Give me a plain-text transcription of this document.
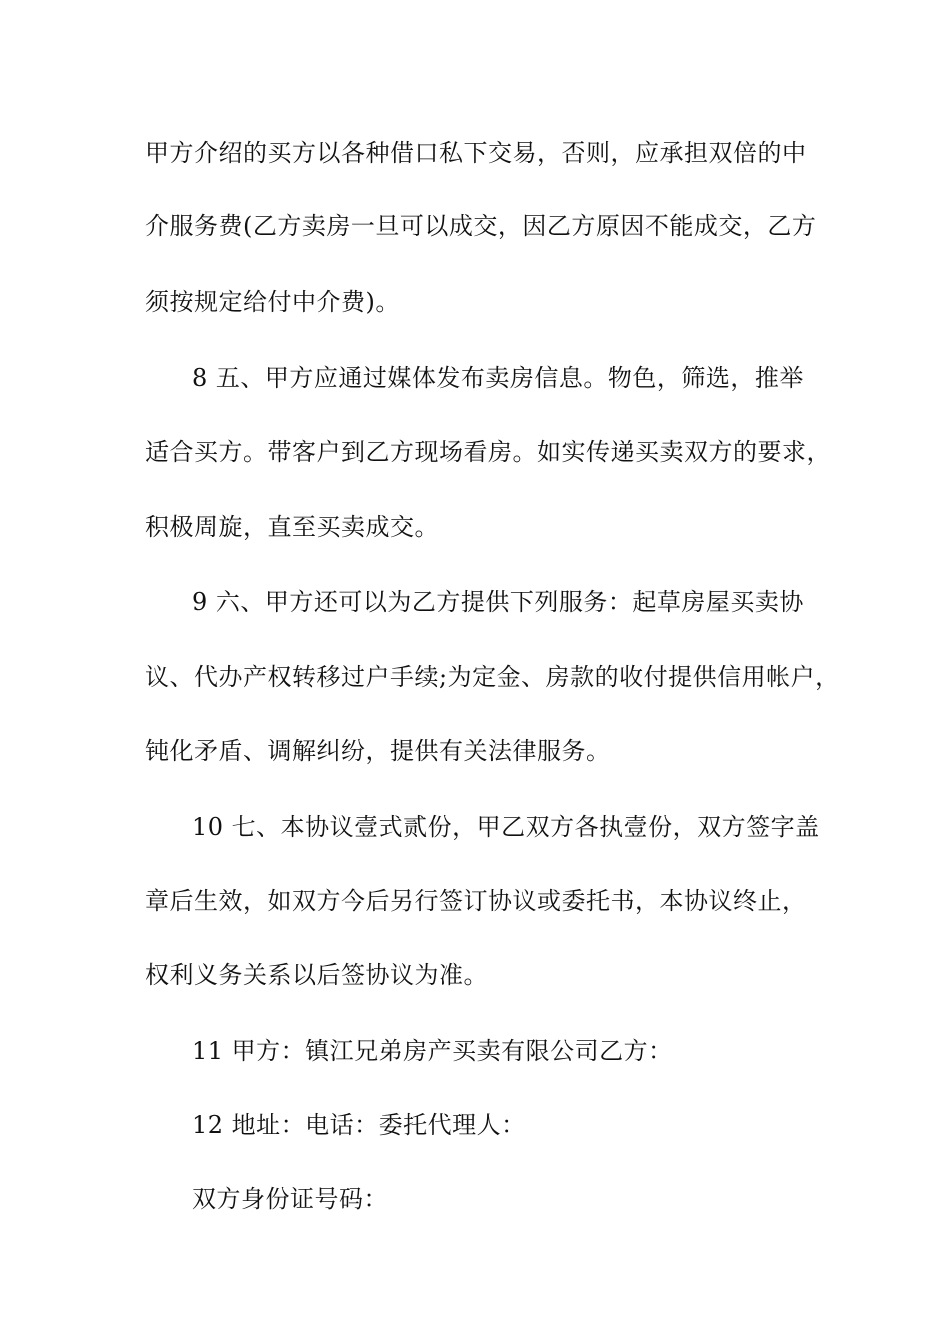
甲方介绍的买方以各种借口私下交易，否则，应承担双倍的中
介服务费(乙方卖房一旦可以成交，因乙方原因不能成交，乙方
须按规定给付中介费)。
8 五、甲方应通过媒体发布卖房信息。物色，筛选，推举
适合买方。带客户到乙方现场看房。如实传递买卖双方的要求，
积极周旋，直至买卖成交。
9 六、甲方还可以为乙方提供下列服务：起草房屋买卖协
议、代办产权转移过户手续;为定金、房款的收付提供信用帐户，
钝化矛盾、调解纠纷，提供有关法律服务。
10 七、本协议壹式贰份，甲乙双方各执壹份，双方签字盖
章后生效，如双方今后另行签订协议或委托书，本协议终止，
权利义务关系以后签协议为准。
11 甲方：镇江兄弟房产买卖有限公司乙方：
12 地址：电话：委托代理人：
双方身份证号码：
